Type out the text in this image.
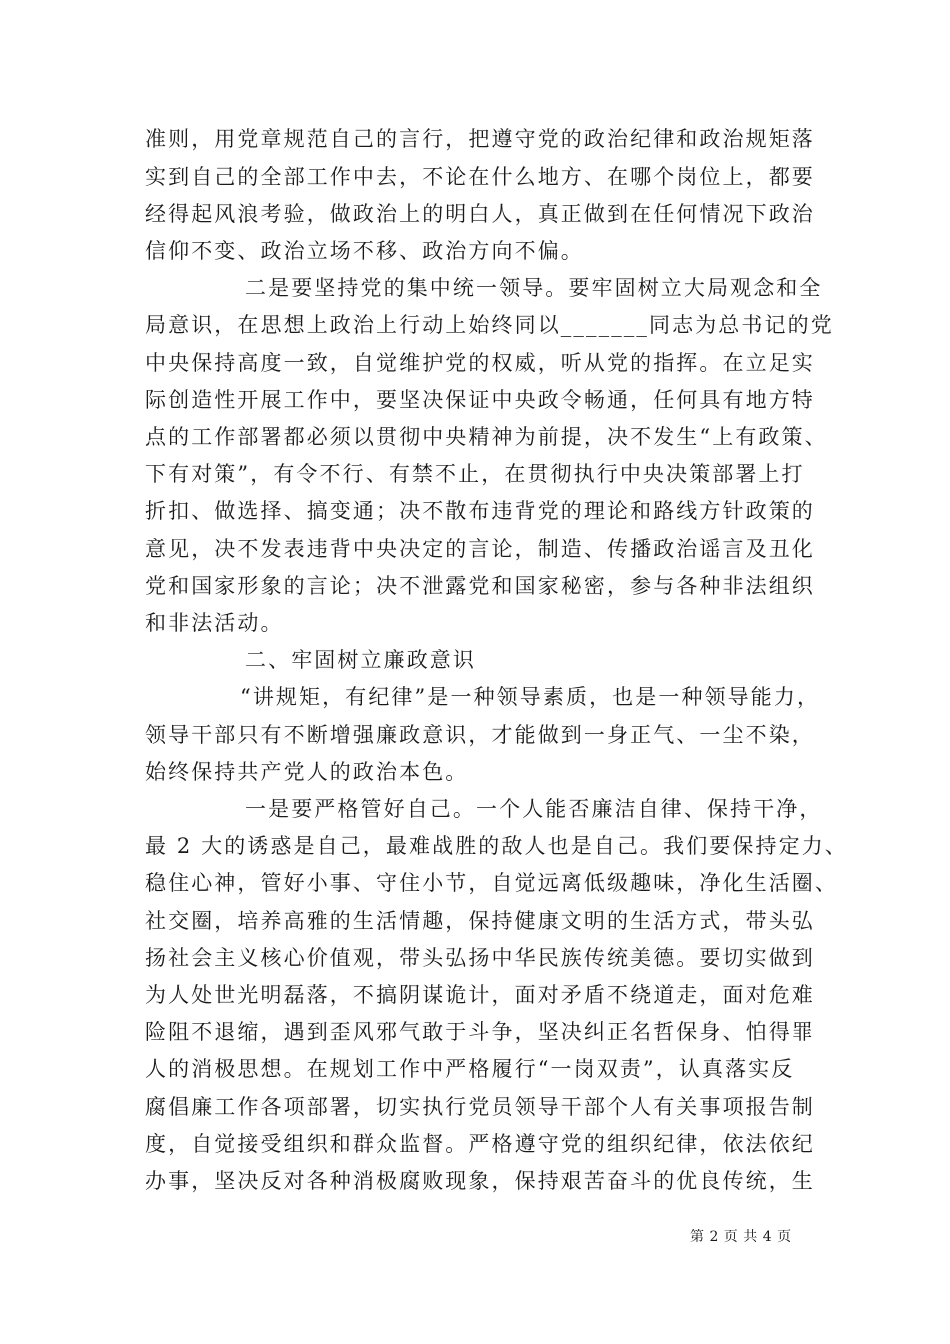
准则，用党章规范自己的言行，把遵守党的政治纪律和政治规矩落
实到自己的全部工作中去，不论在什么地方、在哪个岗位上，都要
经得起风浪考验，做政治上的明白人，真正做到在任何情况下政治
信仰不变、政治立场不移、政治方向不偏。
二是要坚持党的集中统一领导。要牢固树立大局观念和全
局意识，在思想上政治上行动上始终同以_______同志为总书记的党
中央保持高度一致，自觉维护党的权威，听从党的指挥。在立足实
际创造性开展工作中，要坚决保证中央政令畅通，任何具有地方特
点的工作部署都必须以贯彻中央精神为前提，决不发生“上有政策、
下有对策”，有令不行、有禁不止，在贯彻执行中央决策部署上打
折扣、做选择、搞变通；决不散布违背党的理论和路线方针政策的
意见，决不发表违背中央决定的言论，制造、传播政治谣言及丑化
党和国家形象的言论；决不泄露党和国家秘密，参与各种非法组织
和非法活动。
二、牢固树立廉政意识
“讲规矩，有纪律”是一种领导素质，也是一种领导能力，
领导干部只有不断增强廉政意识，才能做到一身正气、一尘不染，
始终保持共产党人的政治本色。
一是要严格管好自己。一个人能否廉洁自律、保持干净，
最 2 大的诱惑是自己，最难战胜的敌人也是自己。我们要保持定力、
稳住心神，管好小事、守住小节，自觉远离低级趣味，净化生活圈、
社交圈，培养高雅的生活情趣，保持健康文明的生活方式，带头弘
扬社会主义核心价值观，带头弘扬中华民族传统美德。要切实做到
为人处世光明磊落，不搞阴谋诡计，面对矛盾不绕道走，面对危难
险阻不退缩，遇到歪风邪气敢于斗争，坚决纠正名哲保身、怕得罪
人的消极思想。在规划工作中严格履行“一岗双责”，认真落实反
腐倡廉工作各项部署，切实执行党员领导干部个人有关事项报告制
度，自觉接受组织和群众监督。严格遵守党的组织纪律，依法依纪
办事，坚决反对各种消极腐败现象，保持艰苦奋斗的优良传统，生
第 2 页 共 4 页
